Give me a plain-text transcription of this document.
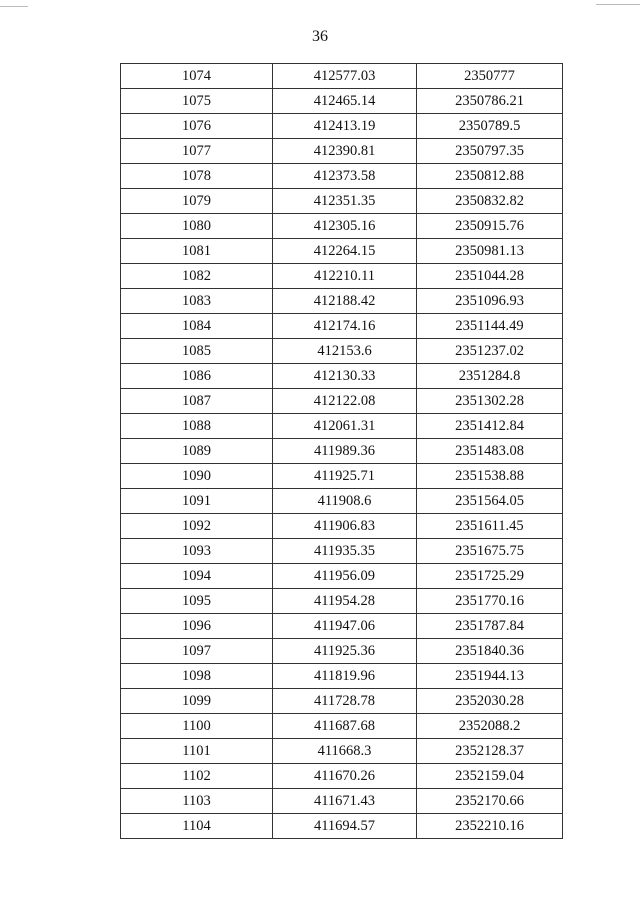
36
1074	412577.03	2350777
1075	412465.14	2350786.21
1076	412413.19	2350789.5
1077	412390.81	2350797.35
1078	412373.58	2350812.88
1079	412351.35	2350832.82
1080	412305.16	2350915.76
1081	412264.15	2350981.13
1082	412210.11	2351044.28
1083	412188.42	2351096.93
1084	412174.16	2351144.49
1085	412153.6	2351237.02
1086	412130.33	2351284.8
1087	412122.08	2351302.28
1088	412061.31	2351412.84
1089	411989.36	2351483.08
1090	411925.71	2351538.88
1091	411908.6	2351564.05
1092	411906.83	2351611.45
1093	411935.35	2351675.75
1094	411956.09	2351725.29
1095	411954.28	2351770.16
1096	411947.06	2351787.84
1097	411925.36	2351840.36
1098	411819.96	2351944.13
1099	411728.78	2352030.28
1100	411687.68	2352088.2
1101	411668.3	2352128.37
1102	411670.26	2352159.04
1103	411671.43	2352170.66
1104	411694.57	2352210.16
